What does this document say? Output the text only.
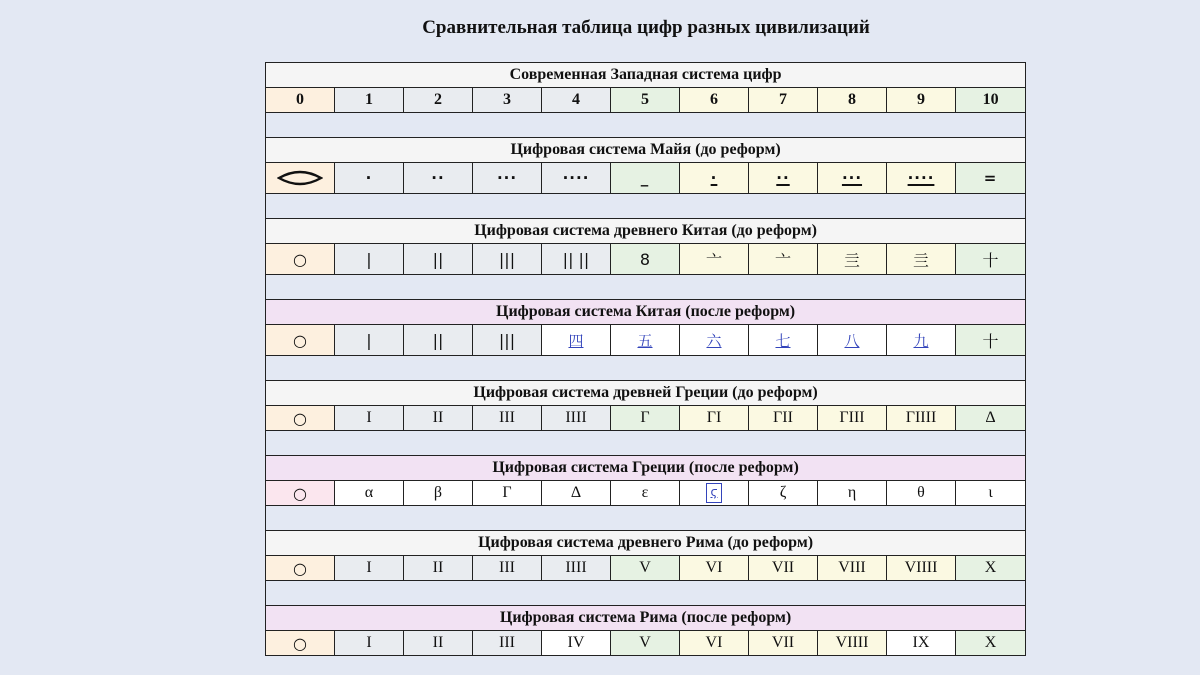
Сравнительная таблица цифр разных цивилизаций
Современная Западная система цифр										
0	1	2	3	4	5	6	7	8	9	10

Цифровая система Майя (до реформ)										

	·	··	···	····	_	·	··	···	····	=

Цифровая система древнего Китая (до реформ)										
○	|	||	|||	|| ||	8	亠	亠	亖	亖	十

Цифровая система Китая (после реформ)										
○	|	||	|||	四	五	六	七	八	九	十

Цифровая система древней Греции (до реформ)										
○	I	II	III	IIII	Γ	ΓΙ	ΓΙΙ	ΓΙΙΙ	ΓΙΙΙΙ	Δ

Цифровая система Греции (после реформ)										
○	α	β	Γ	Δ	ε	ϛ	ζ	η	θ	ι

Цифровая система древнего Рима (до реформ)										
○	I	II	III	IIII	V	VI	VII	VIII	VIIII	X

Цифровая система Рима (после реформ)										
○	I	II	III	IV	V	VI	VII	VIIII	IX	X
